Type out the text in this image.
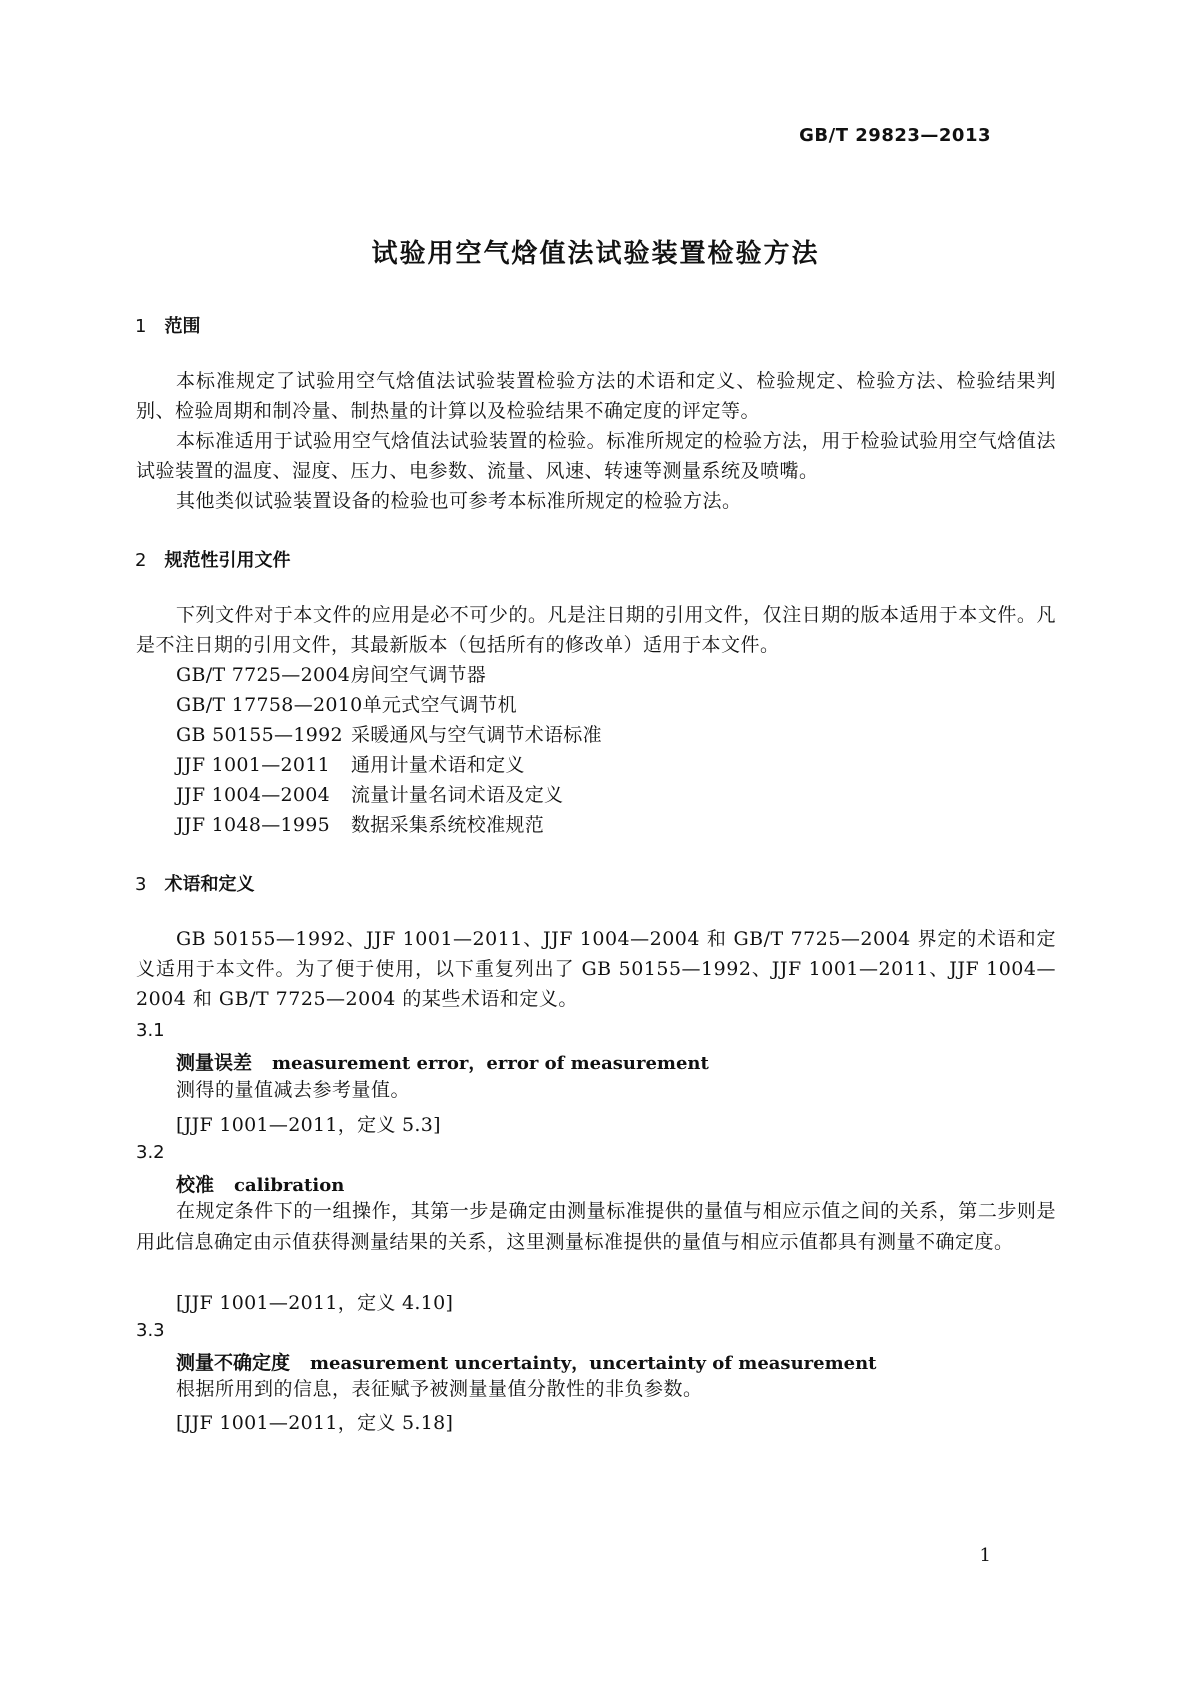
GB/T 29823—2013
试验用空气焓值法试验装置检验方法
1 范围
本标准规定了试验用空气焓值法试验装置检验方法的术语和定义、检验规定、检验方法、检验结果判别、检验周期和制冷量、制热量的计算以及检验结果不确定度的评定等。
本标准适用于试验用空气焓值法试验装置的检验。标准所规定的检验方法，用于检验试验用空气焓值法试验装置的温度、湿度、压力、电参数、流量、风速、转速等测量系统及喷嘴。
其他类似试验装置设备的检验也可参考本标准所规定的检验方法。
2 规范性引用文件
下列文件对于本文件的应用是必不可少的。凡是注日期的引用文件，仅注日期的版本适用于本文件。凡是不注日期的引用文件，其最新版本（包括所有的修改单）适用于本文件。
GB/T 7725—2004房间空气调节器
GB/T 17758—2010单元式空气调节机
GB 50155—1992 采暖通风与空气调节术语标准
JJF 1001—2011 通用计量术语和定义
JJF 1004—2004 流量计量名词术语及定义
JJF 1048—1995 数据采集系统校准规范
3 术语和定义
GB 50155—1992、JJF 1001—2011、JJF 1004—2004 和 GB/T 7725—2004 界定的术语和定义适用于本文件。为了便于使用，以下重复列出了 GB 50155—1992、JJF 1001—2011、JJF 1004—2004 和 GB/T 7725—2004 的某些术语和定义。
3.1
测量误差 measurement error，error of measurement
测得的量值减去参考量值。
[JJF 1001—2011，定义 5.3]
3.2
校准 calibration
在规定条件下的一组操作，其第一步是确定由测量标准提供的量值与相应示值之间的关系，第二步则是用此信息确定由示值获得测量结果的关系，这里测量标准提供的量值与相应示值都具有测量不确定度。
[JJF 1001—2011，定义 4.10]
3.3
测量不确定度 measurement uncertainty，uncertainty of measurement
根据所用到的信息，表征赋予被测量量值分散性的非负参数。
[JJF 1001—2011，定义 5.18]
1
